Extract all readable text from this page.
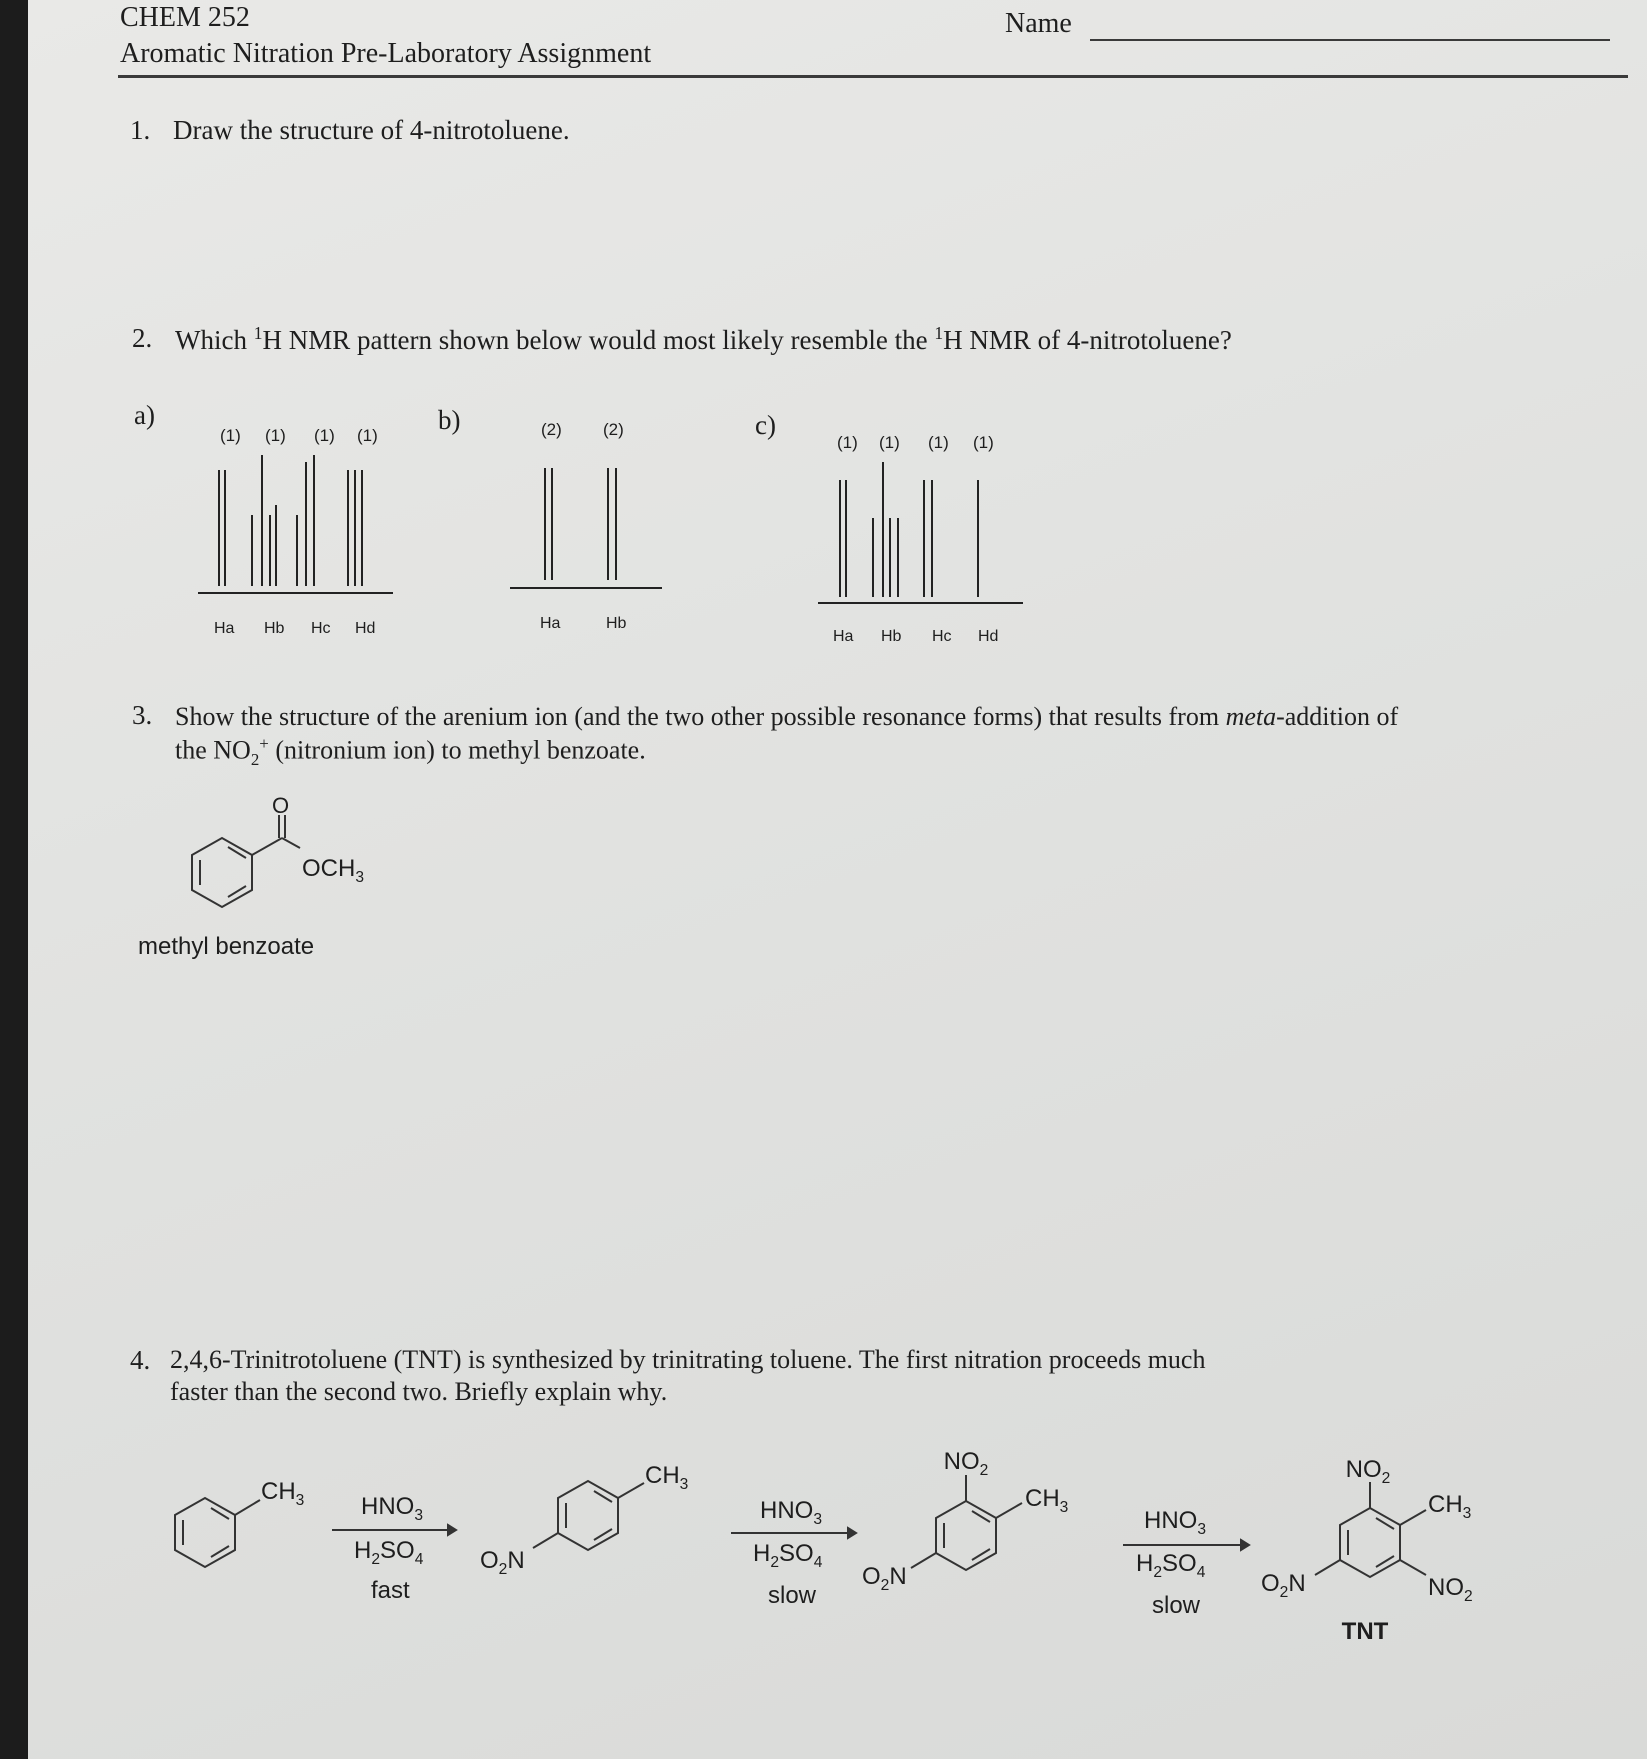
CHEM 252
Aromatic Nitration Pre-Laboratory Assignment
Name
1. Draw the structure of 4-nitrotoluene.
2. Which $^1$H NMR pattern shown below would most likely resemble the $^1$H NMR of 4-nitrotoluene?
a)
(1) (1) (1) (1)
Ha Hb Hc Hd
b)	(2) (2)
Ha	Hb
c)
(1) (1) (1) (1)
Ha Hb Hc Hd
3. Show the structure of the arenium ion (and the two other possible resonance forms) that results from meta-addition of
the $NO_2^+$ (nitronium ion) to methyl benzoate.
O
$OCH_3$
methyl benzoate
4. 2,4,6-Trinitrotoluene (TNT) is synthesized by trinitrating toluene. The first nitration proceeds much
faster than the second two. Briefly explain why.
$CH_3$ $HNO_3$
$H_2SO_4$
fast
$CH_3$
$O_2N$
$HNO_3$
$H_2SO_4$
slow
$NO_2$
$CH_3$
$O_2N$
$HNO_3$
$H_2SO_4$
slow
$NO_2$
$CH_3$
$NO_2$
$O_2N$
TNT
